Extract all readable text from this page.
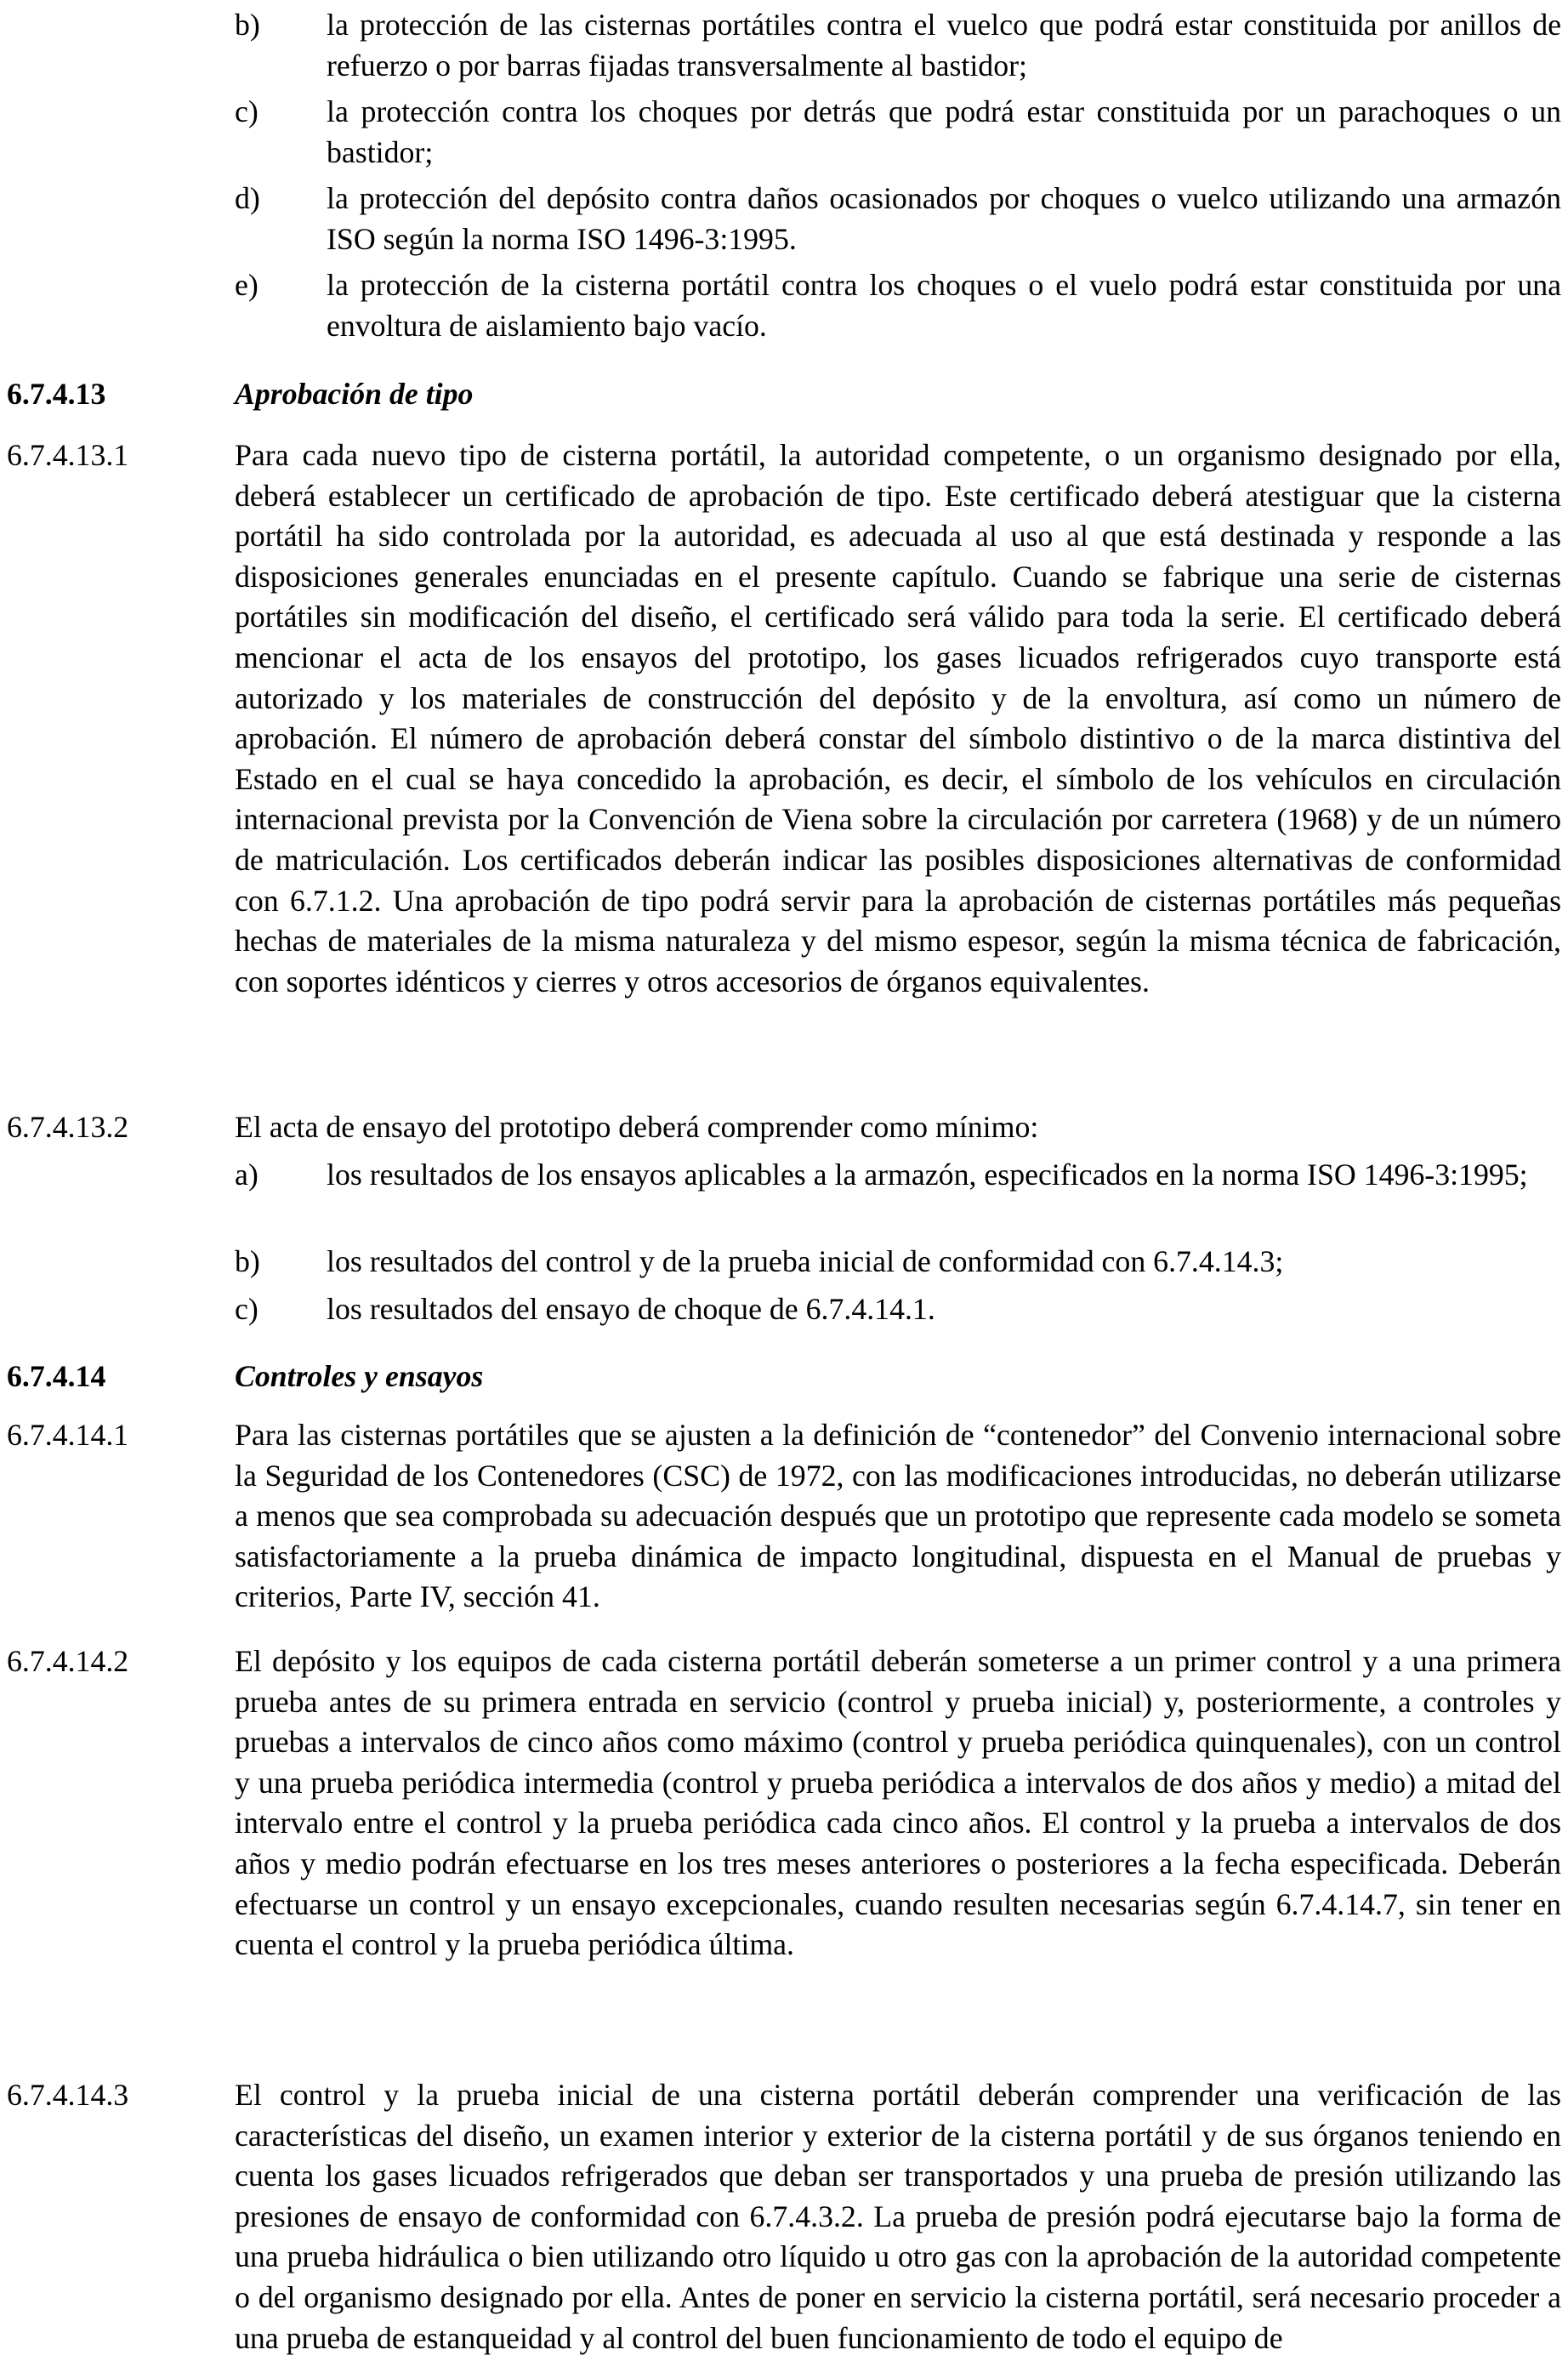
b) la protección de las cisternas portátiles contra el vuelco que podrá estar constituida por anillos de refuerzo o por barras fijadas transversalmente al bastidor;
c) la protección contra los choques por detrás que podrá estar constituida por un parachoques o un bastidor;
d) la protección del depósito contra daños ocasionados por choques o vuelco utilizando una armazón ISO según la norma ISO 1496-3:1995.
e) la protección de la cisterna portátil contra los choques o el vuelo podrá estar constituida por una envoltura de aislamiento bajo vacío.
6.7.4.13	Aprobación de tipo
6.7.4.13.1	Para cada nuevo tipo de cisterna portátil, la autoridad competente, o un organismo designado por ella, deberá establecer un certificado de aprobación de tipo. Este certificado deberá atestiguar que la cisterna portátil ha sido controlada por la autoridad, es adecuada al uso al que está destinada y responde a las disposiciones generales enunciadas en el presente capítulo. Cuando se fabrique una serie de cisternas portátiles sin modificación del diseño, el certificado será válido para toda la serie. El certificado deberá mencionar el acta de los ensayos del prototipo, los gases licuados refrigerados cuyo transporte está autorizado y los materiales de construcción del depósito y de la envoltura, así como un número de aprobación. El número de aprobación deberá constar del símbolo distintivo o de la marca distintiva del Estado en el cual se haya concedido la aprobación, es decir, el símbolo de los vehículos en circulación internacional prevista por la Convención de Viena sobre la circulación por carretera (1968) y de un número de matriculación. Los certificados deberán indicar las posibles disposiciones alternativas de conformidad con 6.7.1.2. Una aprobación de tipo podrá servir para la aprobación de cisternas portátiles más pequeñas hechas de materiales de la misma naturaleza y del mismo espesor, según la misma técnica de fabricación, con soportes idénticos y cierres y otros accesorios de órganos equivalentes.
6.7.4.13.2	El acta de ensayo del prototipo deberá comprender como mínimo:
a) los resultados de los ensayos aplicables a la armazón, especificados en la norma ISO 1496-3:1995;
b) los resultados del control y de la prueba inicial de conformidad con 6.7.4.14.3;
c) los resultados del ensayo de choque de 6.7.4.14.1.
6.7.4.14	Controles y ensayos
6.7.4.14.1	Para las cisternas portátiles que se ajusten a la definición de “contenedor” del Convenio internacional sobre la Seguridad de los Contenedores (CSC) de 1972, con las modificaciones introducidas, no deberán utilizarse a menos que sea comprobada su adecuación después que un prototipo que represente cada modelo se someta satisfactoriamente a la prueba dinámica de impacto longitudinal, dispuesta en el Manual de pruebas y criterios, Parte IV, sección 41.
6.7.4.14.2	El depósito y los equipos de cada cisterna portátil deberán someterse a un primer control y a una primera prueba antes de su primera entrada en servicio (control y prueba inicial) y, posteriormente, a controles y pruebas a intervalos de cinco años como máximo (control y prueba periódica quinquenales), con un control y una prueba periódica intermedia (control y prueba periódica a intervalos de dos años y medio) a mitad del intervalo entre el control y la prueba periódica cada cinco años. El control y la prueba a intervalos de dos años y medio podrán efectuarse en los tres meses anteriores o posteriores a la fecha especificada. Deberán efectuarse un control y un ensayo excepcionales, cuando resulten necesarias según 6.7.4.14.7, sin tener en cuenta el control y la prueba periódica última.
6.7.4.14.3	El control y la prueba inicial de una cisterna portátil deberán comprender una verificación de las características del diseño, un examen interior y exterior de la cisterna portátil y de sus órganos teniendo en cuenta los gases licuados refrigerados que deban ser transportados y una prueba de presión utilizando las presiones de ensayo de conformidad con 6.7.4.3.2. La prueba de presión podrá ejecutarse bajo la forma de una prueba hidráulica o bien utilizando otro líquido u otro gas con la aprobación de la autoridad competente o del organismo designado por ella. Antes de poner en servicio la cisterna portátil, será necesario proceder a una prueba de estanqueidad y al control del buen funcionamiento de todo el equipo de
